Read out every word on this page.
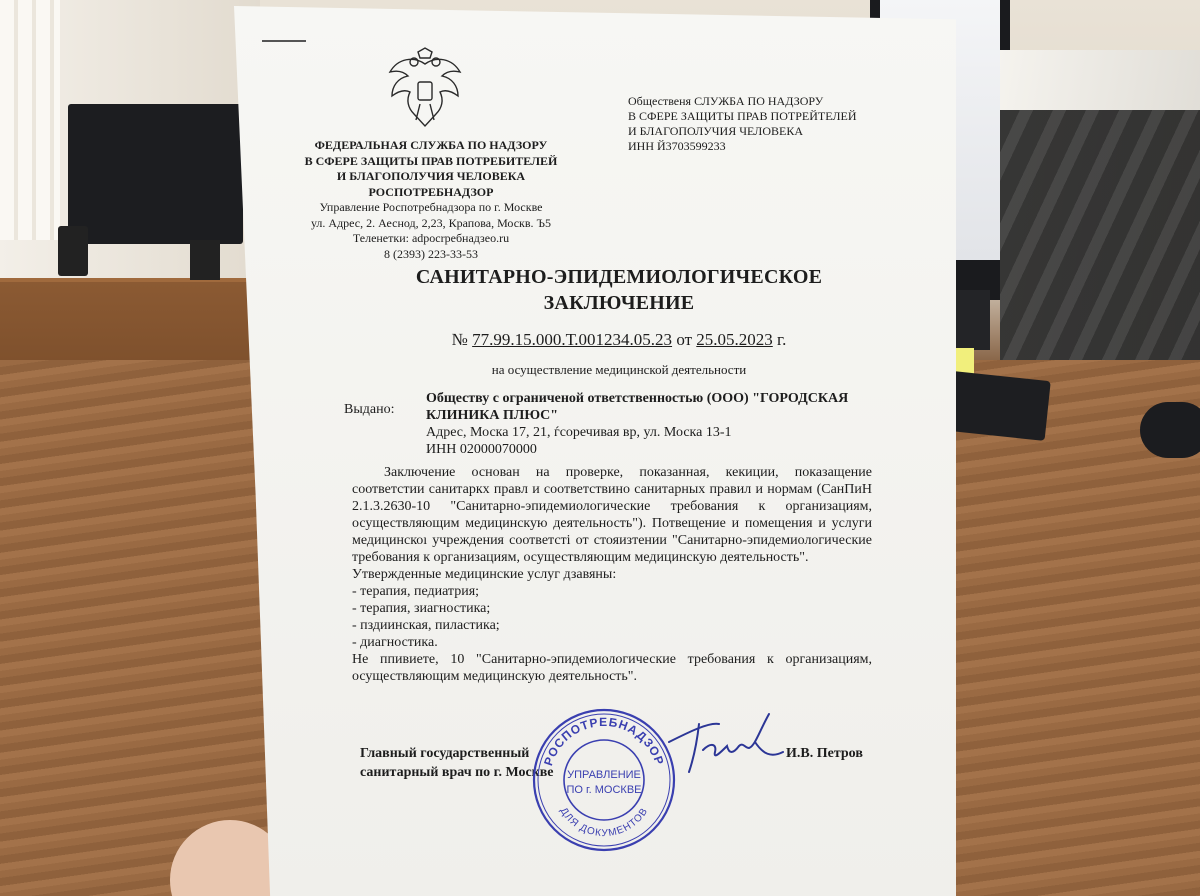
ФЕДЕРАЛЬНАЯ СЛУЖБА ПО НАДЗОРУ
В СФЕРЕ ЗАЩИТЫ ПРАВ ПОТРЕБИТЕЛЕЙ
И БЛАГОПОЛУЧИЯ ЧЕЛОВЕКА
РОСПОТРЕБНАДЗОР
Управление Роспотребнадзора по г. Москве
ул. Адрес, 2. Аеснод, 2,23, Крапова, Москв. Ъ5
Теленетки: adpocrpeбнадзeо.ru
8 (2393) 223-33-53
Общественя СЛУЖБА ПО НАДЗОРУ
В СФЕРЕ ЗАЩИТЫ ПРАВ ПОТРЕЙТЕЛЕЙ
И БЛАГОПОЛУЧИЯ ЧЕЛОВЕКА
ИНН Й3703599233
САНИТАРНО-ЭПИДЕМИОЛОГИЧЕСКОЕ
ЗАКЛЮЧЕНИЕ
№ 77.99.15.000.Т.001234.05.23 от 25.05.2023 г.
на осуществление медицинской деятельности
Выдано:
Обществу с ограниченой ответственностью (ООО) "ГОРОДСКАЯ
КЛИНИКА ПЛЮС"
Адрес, Моска 17, 21, ѓсоречивая вр, ул. Моска 13-1
ИНН 02000070000

Заключение основан на проверке, показанная, кекиции, показащение соответстии санитаркх правл и соответствино санитарных правил и нормам (СанПиН 2.1.3.2630-10 "Санитарно-эпидемиологические требования к организациям, осуществляющим медицинскую деятельность"). Потвещение и помещения и услуги медицинскоı учреждения соответсті от стояизтении "Санитарно-эпидемиологические требования к организациям, осуществляющим медицинскую деятельность".

Утвержденные медицинские услуг дзавяны:

- терапия, педиатрия;
- терапия, зиагностика;
- пздиинская, пиластика;
- диагностика.

Не ппивиете, 10 "Санитарно-эпидемиологические требования к организациям, осуществляющим медицинскую деятельность".

Главный государственный
санитарный врач по г. Москве
И.В. Петров
РОСПОТРЕБНАДЗОР
ДЛЯ ДОКУМЕНТОВ
УПРАВЛЕНИЕ
ПО г. МОСКВЕ
